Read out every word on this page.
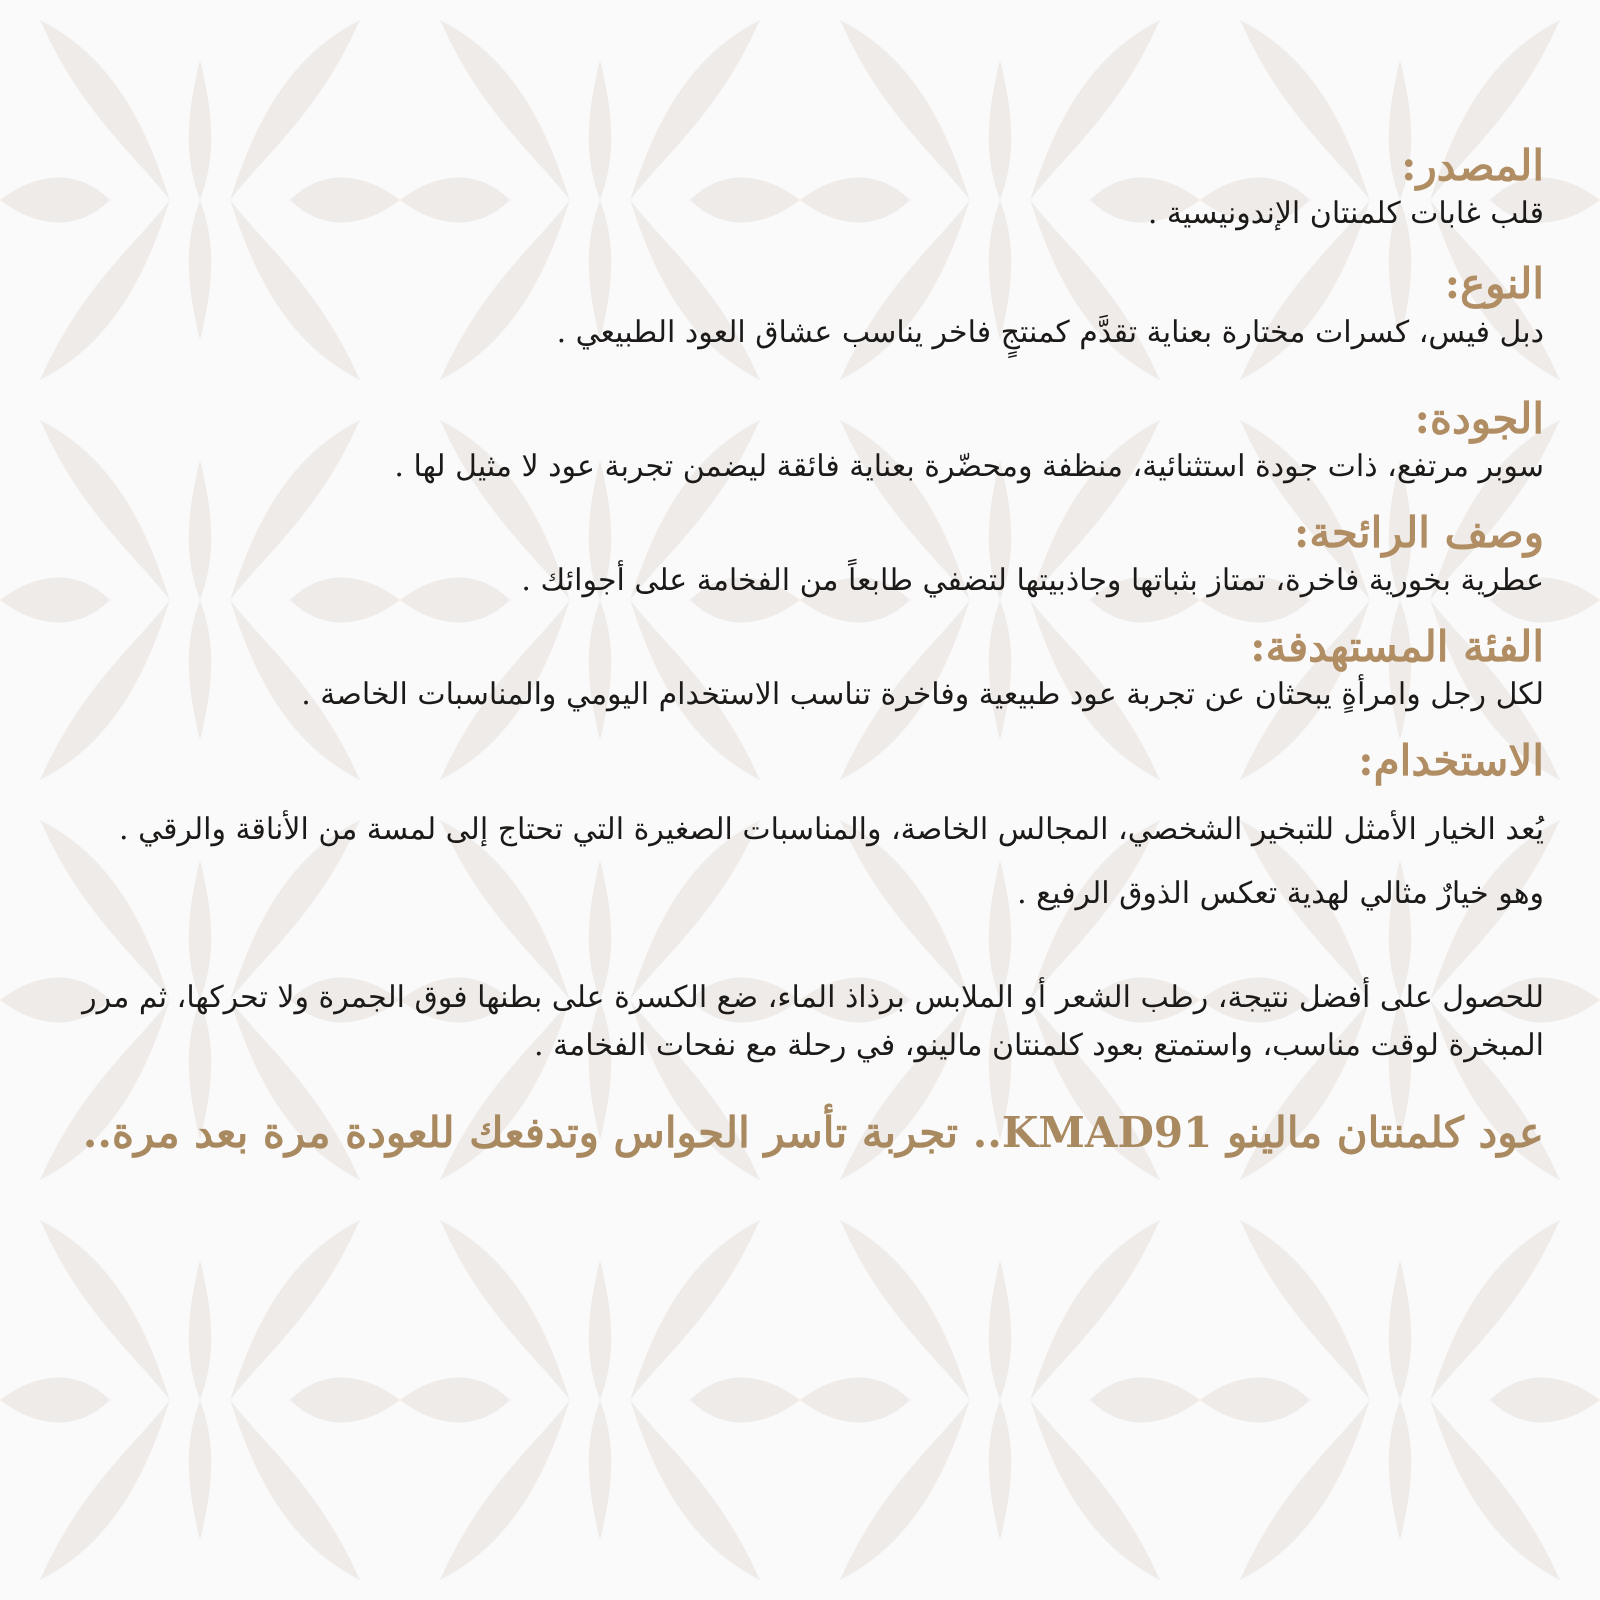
المصدر:

قلب غابات كلمنتان الإندونيسية .

النوع:

دبل فيس، كسرات مختارة بعناية تقدَّم كمنتجٍ فاخر يناسب عشاق العود الطبيعي .

الجودة:

سوبر مرتفع، ذات جودة استثنائية، منظفة ومحضّرة بعناية فائقة ليضمن تجربة عود لا مثيل لها .

وصف الرائحة:

عطرية بخورية فاخرة، تمتاز بثباتها وجاذبيتها لتضفي طابعاً من الفخامة على أجوائك .

الفئة المستهدفة:

لكل رجل وامرأةٍ يبحثان عن تجربة عود طبيعية وفاخرة تناسب الاستخدام اليومي والمناسبات الخاصة .

الاستخدام:

يُعد الخيار الأمثل للتبخير الشخصي، المجالس الخاصة، والمناسبات الصغيرة التي تحتاج إلى لمسة من الأناقة والرقي .

وهو خيارٌ مثالي لهدية تعكس الذوق الرفيع .

للحصول على أفضل نتيجة، رطب الشعر أو الملابس برذاذ الماء، ضع الكسرة على بطنها فوق الجمرة ولا تحركها، ثم مرر المبخرة لوقت مناسب، واستمتع بعود كلمنتان مالينو، في رحلة مع نفحات الفخامة .

عود كلمنتان مالينو KMAD91.. تجربة تأسر الحواس وتدفعك للعودة مرة بعد مرة..
